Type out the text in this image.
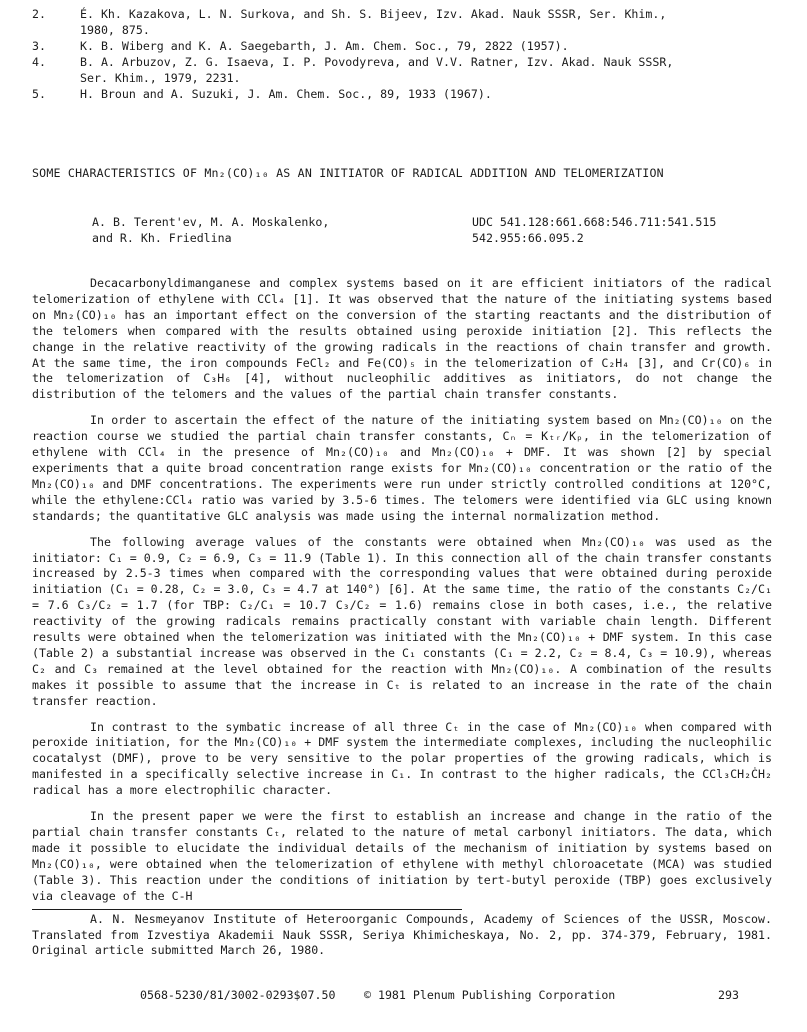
2.	É. Kh. Kazakova, L. N. Surkova, and Sh. S. Bijeev, Izv. Akad. Nauk SSSR, Ser. Khim.,
1980, 875.
3.	K. B. Wiberg and K. A. Saegebarth, J. Am. Chem. Soc., 79, 2822 (1957).
4.	B. A. Arbuzov, Z. G. Isaeva, I. P. Povodyreva, and V.V. Ratner, Izv. Akad. Nauk SSSR,
Ser. Khim., 1979, 2231.
5.	H. Broun and A. Suzuki, J. Am. Chem. Soc., 89, 1933 (1967).
SOME CHARACTERISTICS OF Mn₂(CO)₁₀ AS AN INITIATOR OF RADICAL ADDITION AND TELOMERIZATION
A. B. Terent'ev, M. A. Moskalenko,
and R. Kh. Friedlina
UDC 541.128:661.668:546.711:541.515
542.955:66.095.2

Decacarbonyldimanganese and complex systems based on it are efficient initiators of the radical telomerization of ethylene with CCl₄ [1]. It was observed that the nature of the initiating systems based on Mn₂(CO)₁₀ has an important effect on the conversion of the starting reactants and the distribution of the telomers when compared with the results obtained using peroxide initiation [2]. This reflects the change in the relative reactivity of the growing radicals in the reactions of chain transfer and growth. At the same time, the iron compounds FeCl₂ and Fe(CO)₅ in the telomerization of C₂H₄ [3], and Cr(CO)₆ in the telomerization of C₃H₆ [4], without nucleophilic additives as initiators, do not change the distribution of the telomers and the values of the partial chain transfer constants.

In order to ascertain the effect of the nature of the initiating system based on Mn₂(CO)₁₀ on the reaction course we studied the partial chain transfer constants, Cₙ = Kₜᵣ/Kₚ, in the telomerization of ethylene with CCl₄ in the presence of Mn₂(CO)₁₀ and Mn₂(CO)₁₀ + DMF. It was shown [2] by special experiments that a quite broad concentration range exists for Mn₂(CO)₁₀ concentration or the ratio of the Mn₂(CO)₁₀ and DMF concentrations. The experiments were run under strictly controlled conditions at 120°C, while the ethylene:CCl₄ ratio was varied by 3.5-6 times. The telomers were identified via GLC using known standards; the quantitative GLC analysis was made using the internal normalization method.

The following average values of the constants were obtained when Mn₂(CO)₁₀ was used as the initiator: C₁ = 0.9, C₂ = 6.9, C₃ = 11.9 (Table 1). In this connection all of the chain transfer constants increased by 2.5-3 times when compared with the corresponding values that were obtained during peroxide initiation (C₁ = 0.28, C₂ = 3.0, C₃ = 4.7 at 140°) [6]. At the same time, the ratio of the constants C₂/C₁ = 7.6 C₃/C₂ = 1.7 (for TBP: C₂/C₁ = 10.7 C₃/C₂ = 1.6) remains close in both cases, i.e., the relative reactivity of the growing radicals remains practically constant with variable chain length. Different results were obtained when the telomerization was initiated with the Mn₂(CO)₁₀ + DMF system. In this case (Table 2) a substantial increase was observed in the C₁ constants (C₁ = 2.2, C₂ = 8.4, C₃ = 10.9), whereas C₂ and C₃ remained at the level obtained for the reaction with Mn₂(CO)₁₀. A combination of the results makes it possible to assume that the increase in Cₜ is related to an increase in the rate of the chain transfer reaction.

In contrast to the symbatic increase of all three Cₜ in the case of Mn₂(CO)₁₀ when compared with peroxide initiation, for the Mn₂(CO)₁₀ + DMF system the intermediate complexes, including the nucleophilic cocatalyst (DMF), prove to be very sensitive to the polar properties of the growing radicals, which is manifested in a specifically selective increase in C₁. In contrast to the higher radicals, the CCl₃CH₂ĊH₂ radical has a more electrophilic character.

In the present paper we were the first to establish an increase and change in the ratio of the partial chain transfer constants Cₜ, related to the nature of metal carbonyl initiators. The data, which made it possible to elucidate the individual details of the mechanism of initiation by systems based on Mn₂(CO)₁₀, were obtained when the telomerization of ethylene with methyl chloroacetate (MCA) was studied (Table 3). This reaction under the conditions of initiation by tert-butyl peroxide (TBP) goes exclusively via cleavage of the C-H

A. N. Nesmeyanov Institute of Heteroorganic Compounds, Academy of Sciences of the USSR, Moscow. Translated from Izvestiya Akademii Nauk SSSR, Seriya Khimicheskaya, No. 2, pp. 374-379, February, 1981. Original article submitted March 26, 1980.
0568-5230/81/3002-0293$07.50 © 1981 Plenum Publishing Corporation	293
